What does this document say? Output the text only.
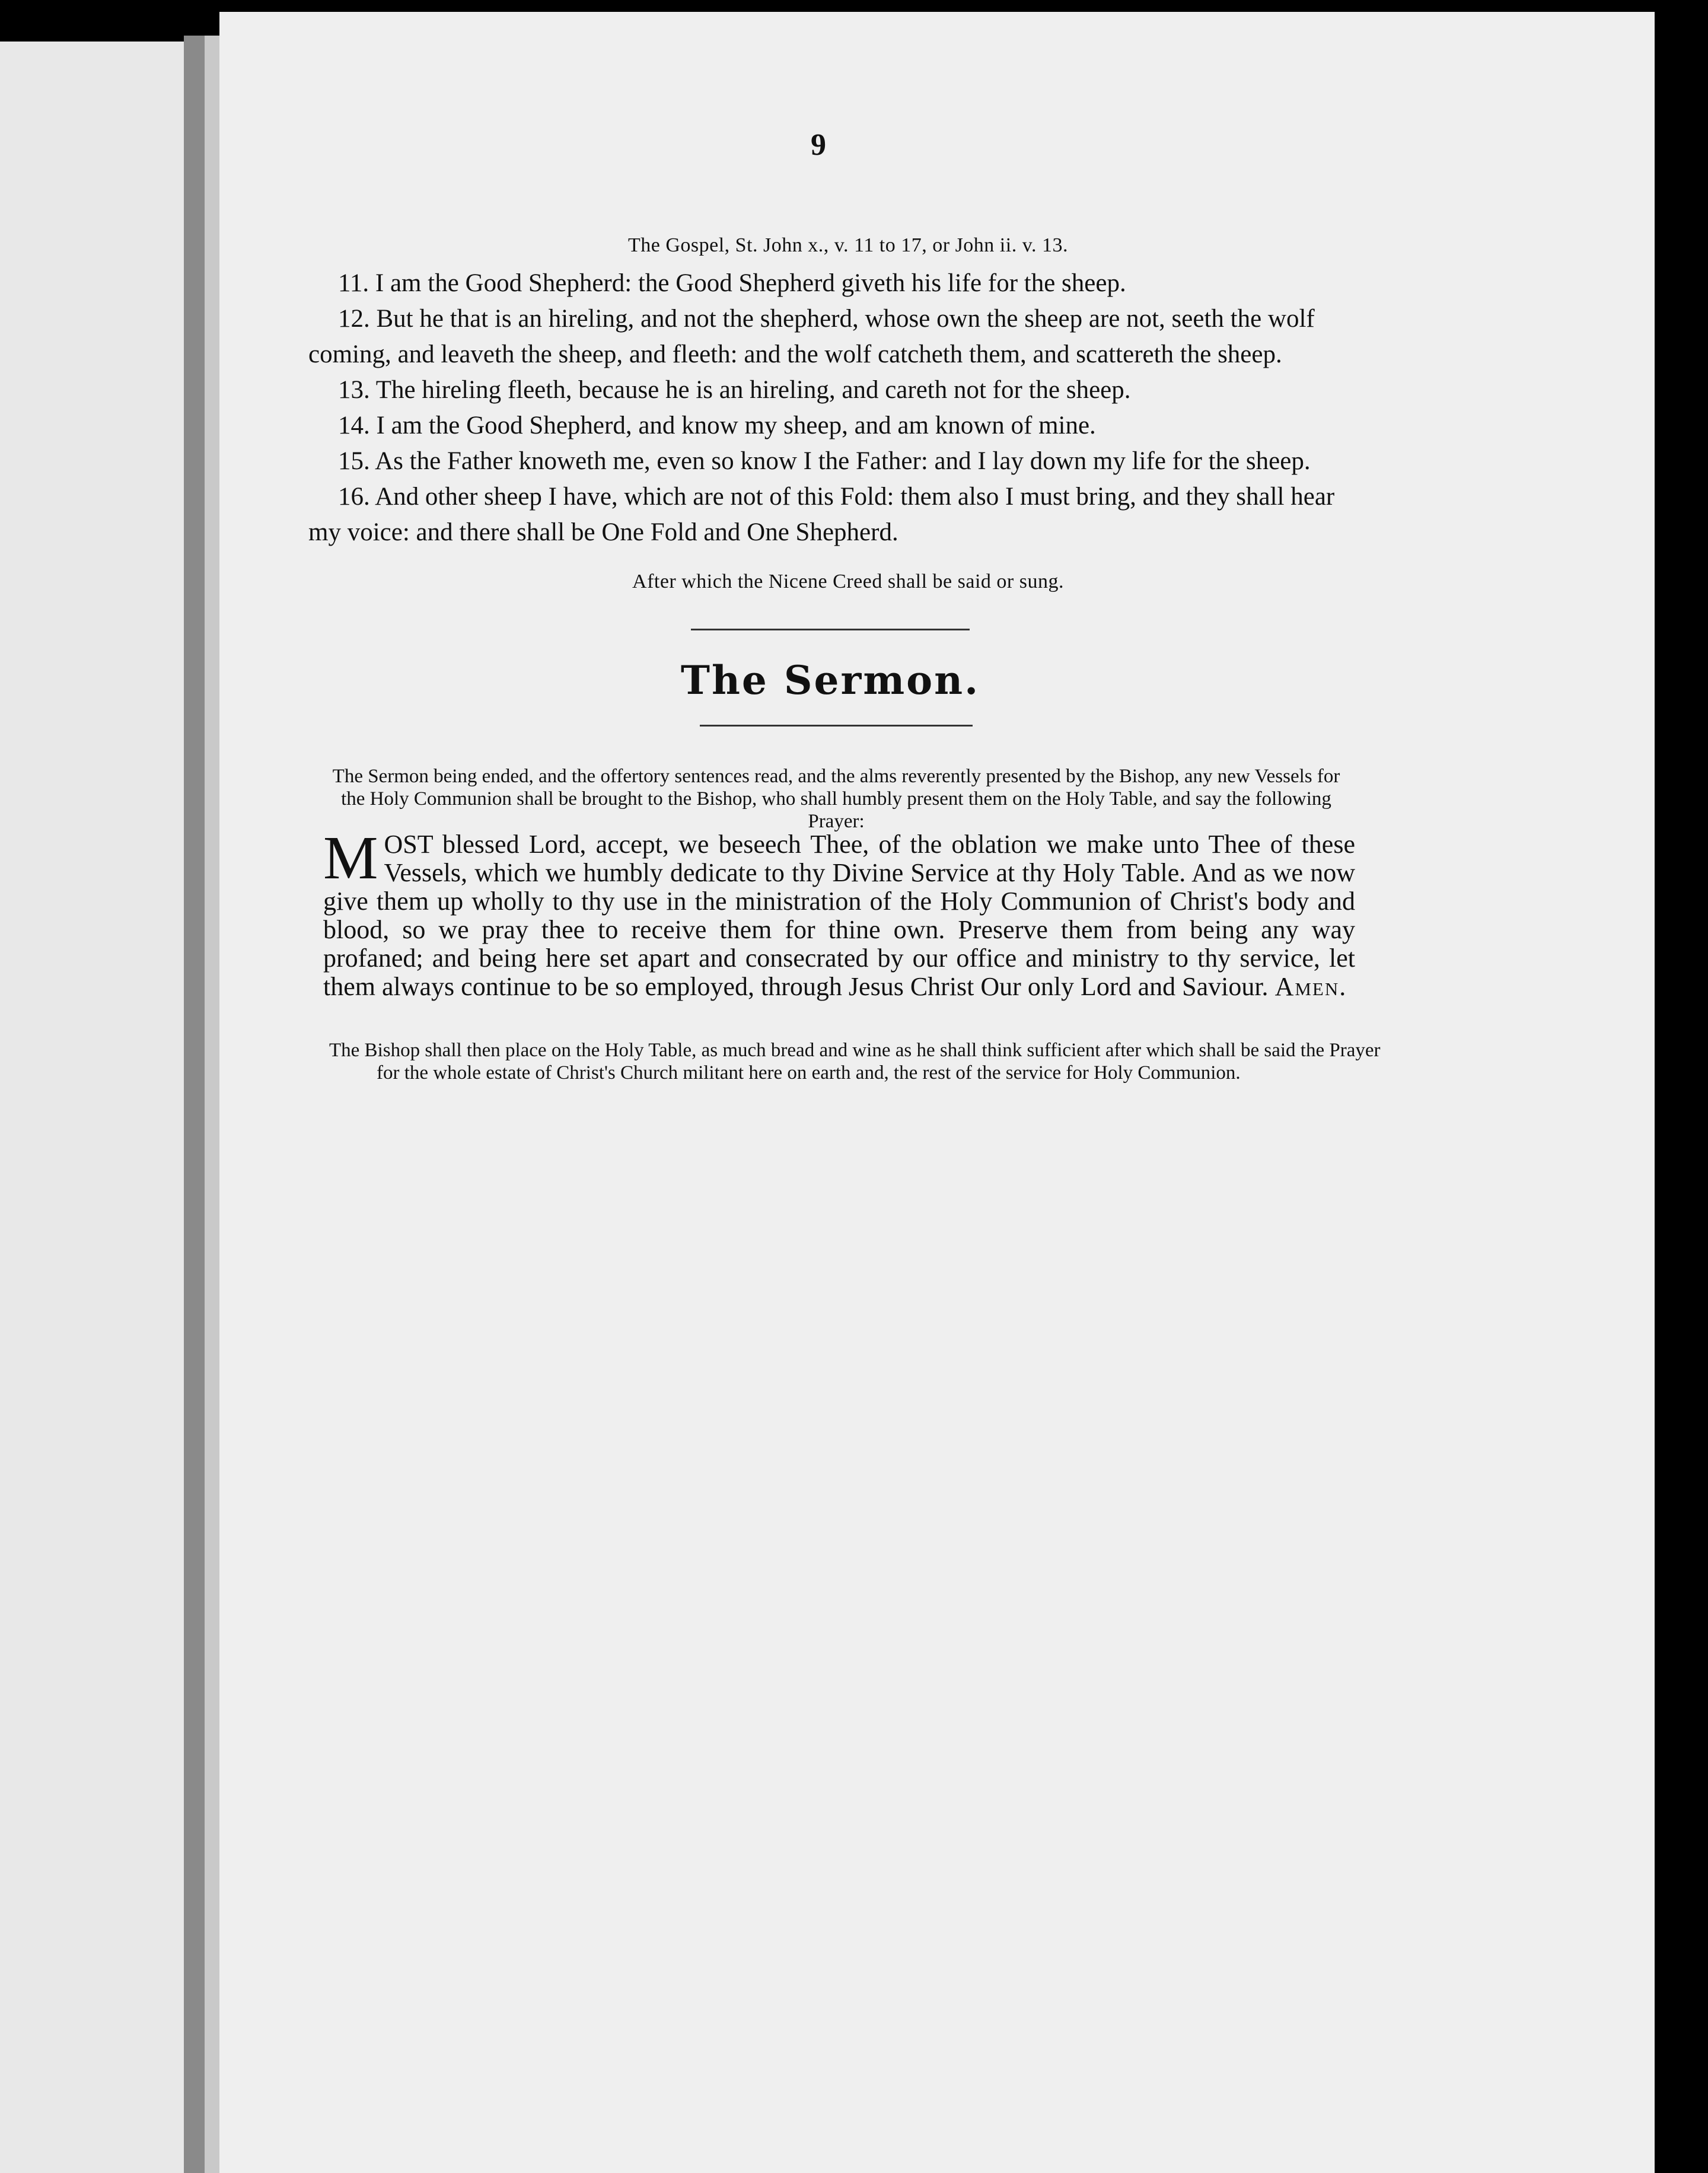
9
The Gospel, St. John x., v. 11 to 17, or John ii. v. 13.
11. I am the Good Shepherd: the Good Shepherd giveth his life for the sheep.
12. But he that is an hireling, and not the shepherd, whose own the sheep are not, seeth the wolf coming, and leaveth the sheep, and fleeth: and the wolf catcheth them, and scattereth the sheep.
13. The hireling fleeth, because he is an hireling, and careth not for the sheep.
14. I am the Good Shepherd, and know my sheep, and am known of mine.
15. As the Father knoweth me, even so know I the Father: and I lay down my life for the sheep.
16. And other sheep I have, which are not of this Fold: them also I must bring, and they shall hear my voice: and there shall be One Fold and One Shepherd.
After which the Nicene Creed shall be said or sung.
The Sermon.
The Sermon being ended, and the offertory sentences read, and the alms reverently presented by the Bishop, any new Vessels for the Holy Communion shall be brought to the Bishop, who shall humbly present them on the Holy Table, and say the following Prayer:
M OST blessed Lord, accept, we beseech Thee, of the oblation we make unto Thee of these Vessels, which we humbly dedicate to thy Divine Service at thy Holy Table. And as we now give them up wholly to thy use in the ministration of the Holy Communion of Christ's body and blood, so we pray thee to receive them for thine own. Preserve them from being any way profaned; and being here set apart and consecrated by our office and ministry to thy service, let them always continue to be so employed, through Jesus Christ Our only Lord and Saviour. Amen.
The Bishop shall then place on the Holy Table, as much bread and wine as he shall think sufficient after which shall be said the Prayer for the whole estate of Christ's Church militant here on earth and, the rest of the service for Holy Communion.
